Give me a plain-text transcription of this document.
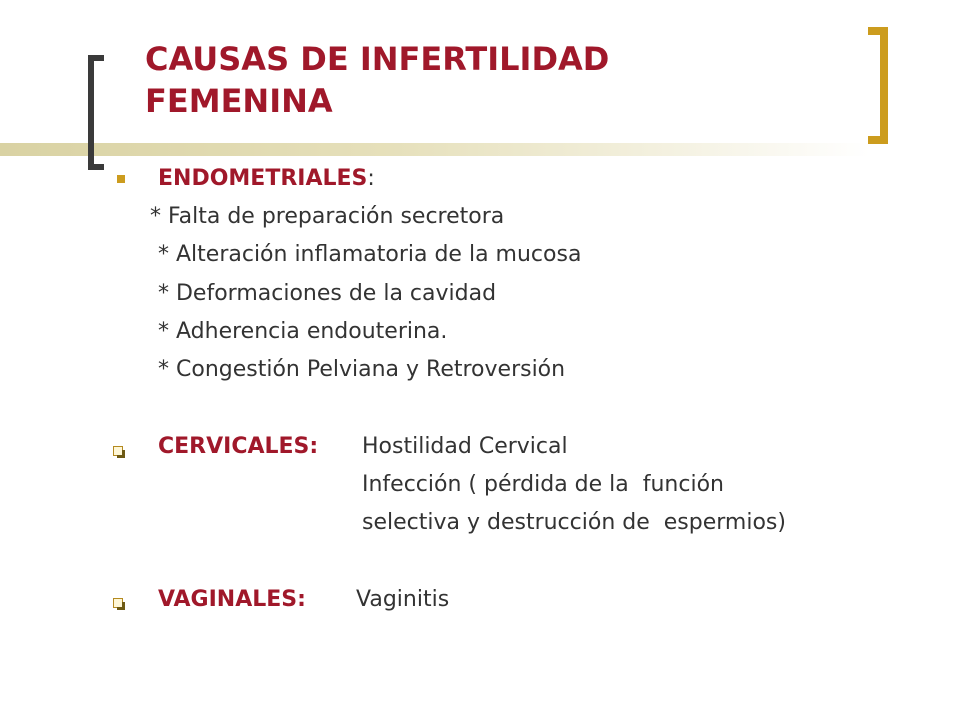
CAUSAS DE INFERTILIDAD
FEMENINA
ENDOMETRIALES:
* Falta de preparación secretora
* Alteración inflamatoria de la mucosa
* Deformaciones de la cavidad
* Adherencia endouterina.
* Congestión Pelviana y Retroversión
CERVICALES: Hostilidad Cervical
Infección ( pérdida de la  función
selectiva y destrucción de  espermios)
VAGINALES: Vaginitis
